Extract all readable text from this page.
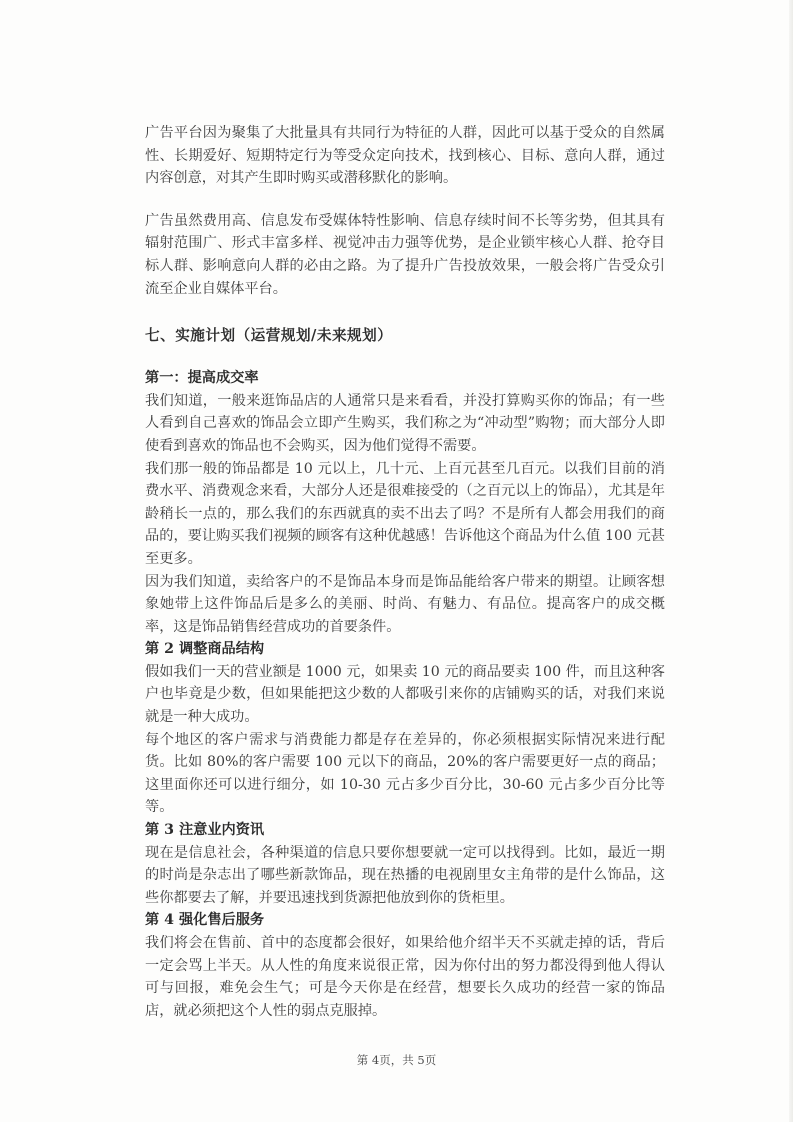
广告平台因为聚集了大批量具有共同行为特征的人群，因此可以基于受众的自然属性、长期爱好、短期特定行为等受众定向技术，找到核心、目标、意向人群，通过内容创意，对其产生即时购买或潜移默化的影响。

广告虽然费用高、信息发布受媒体特性影响、信息存续时间不长等劣势，但其具有辐射范围广、形式丰富多样、视觉冲击力强等优势，是企业锁牢核心人群、抢夺目标人群、影响意向人群的必由之路。为了提升广告投放效果，一般会将广告受众引流至企业自媒体平台。

七、实施计划（运营规划/未来规划）
第一：提高成交率

我们知道，一般来逛饰品店的人通常只是来看看，并没打算购买你的饰品；有一些人看到自己喜欢的饰品会立即产生购买，我们称之为“冲动型”购物；而大部分人即使看到喜欢的饰品也不会购买，因为他们觉得不需要。

我们那一般的饰品都是 10 元以上，几十元、上百元甚至几百元。以我们目前的消费水平、消费观念来看，大部分人还是很难接受的（之百元以上的饰品），尤其是年龄稍长一点的，那么我们的东西就真的卖不出去了吗？不是所有人都会用我们的商品的，要让购买我们视频的顾客有这种优越感！告诉他这个商品为什么值 100 元甚至更多。

因为我们知道，卖给客户的不是饰品本身而是饰品能给客户带来的期望。让顾客想象她带上这件饰品后是多么的美丽、时尚、有魅力、有品位。提高客户的成交概率，这是饰品销售经营成功的首要条件。

第 2 调整商品结构

假如我们一天的营业额是 1000 元，如果卖 10 元的商品要卖 100 件，而且这种客户也毕竟是少数，但如果能把这少数的人都吸引来你的店铺购买的话，对我们来说就是一种大成功。

每个地区的客户需求与消费能力都是存在差异的，你必须根据实际情况来进行配货。比如 80%的客户需要 100 元以下的商品，20%的客户需要更好一点的商品；这里面你还可以进行细分，如 10-30 元占多少百分比，30-60 元占多少百分比等等。

第 3 注意业内资讯

现在是信息社会，各种渠道的信息只要你想要就一定可以找得到。比如，最近一期的时尚是杂志出了哪些新款饰品，现在热播的电视剧里女主角带的是什么饰品，这些你都要去了解，并要迅速找到货源把他放到你的货柜里。

第 4 强化售后服务

我们将会在售前、首中的态度都会很好，如果给他介绍半天不买就走掉的话，背后一定会骂上半天。从人性的角度来说很正常，因为你付出的努力都没得到他人得认可与回报，难免会生气；可是今天你是在经营，想要长久成功的经营一家的饰品店，就必须把这个人性的弱点克服掉。

第 4页，共 5页
